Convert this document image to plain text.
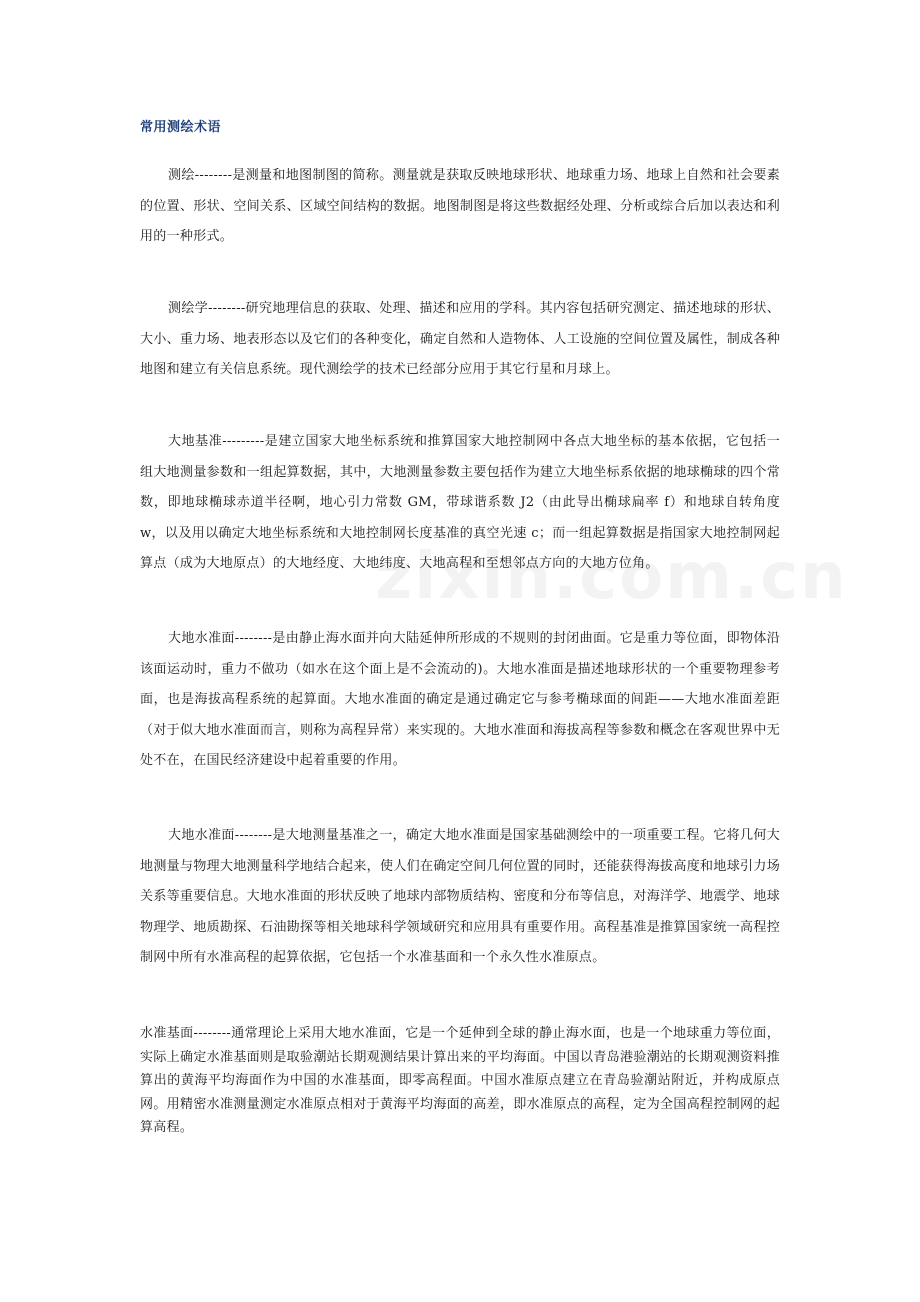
常用测绘术语

测绘--------是测量和地图制图的简称。测量就是获取反映地球形状、地球重力场、地球上自然和社会要素的位置、形状、空间关系、区域空间结构的数据。地图制图是将这些数据经处理、分析或综合后加以表达和利用的一种形式。

测绘学--------研究地理信息的获取、处理、描述和应用的学科。其内容包括研究测定、描述地球的形状、大小、重力场、地表形态以及它们的各种变化，确定自然和人造物体、人工设施的空间位置及属性，制成各种地图和建立有关信息系统。现代测绘学的技术已经部分应用于其它行星和月球上。

大地基准---------是建立国家大地坐标系统和推算国家大地控制网中各点大地坐标的基本依据，它包括一组大地测量参数和一组起算数据，其中，大地测量参数主要包括作为建立大地坐标系依据的地球椭球的四个常数，即地球椭球赤道半径啊，地心引力常数 GM，带球谐系数 J2（由此导出椭球扁率 f）和地球自转角度 w，以及用以确定大地坐标系统和大地控制网长度基准的真空光速 c；而一组起算数据是指国家大地控制网起算点（成为大地原点）的大地经度、大地纬度、大地高程和至想邻点方向的大地方位角。

大地水准面--------是由静止海水面并向大陆延伸所形成的不规则的封闭曲面。它是重力等位面，即物体沿该面运动时，重力不做功（如水在这个面上是不会流动的)。大地水准面是描述地球形状的一个重要物理参考面，也是海拔高程系统的起算面。大地水准面的确定是通过确定它与参考椭球面的间距——大地水准面差距（对于似大地水准面而言，则称为高程异常）来实现的。大地水准面和海拔高程等参数和概念在客观世界中无处不在，在国民经济建设中起着重要的作用。

大地水准面--------是大地测量基准之一，确定大地水准面是国家基础测绘中的一项重要工程。它将几何大地测量与物理大地测量科学地结合起来，使人们在确定空间几何位置的同时，还能获得海拔高度和地球引力场关系等重要信息。大地水准面的形状反映了地球内部物质结构、密度和分布等信息，对海洋学、地震学、地球物理学、地质勘探、石油勘探等相关地球科学领域研究和应用具有重要作用。高程基准是推算国家统一高程控制网中所有水准高程的起算依据，它包括一个水准基面和一个永久性水准原点。

水准基面--------通常理论上采用大地水准面，它是一个延伸到全球的静止海水面，也是一个地球重力等位面，实际上确定水准基面则是取验潮站长期观测结果计算出来的平均海面。中国以青岛港验潮站的长期观测资料推算出的黄海平均海面作为中国的水准基面，即零高程面。中国水准原点建立在青岛验潮站附近，并构成原点网。用精密水准测量测定水准原点相对于黄海平均海面的高差，即水准原点的高程，定为全国高程控制网的起算高程。
